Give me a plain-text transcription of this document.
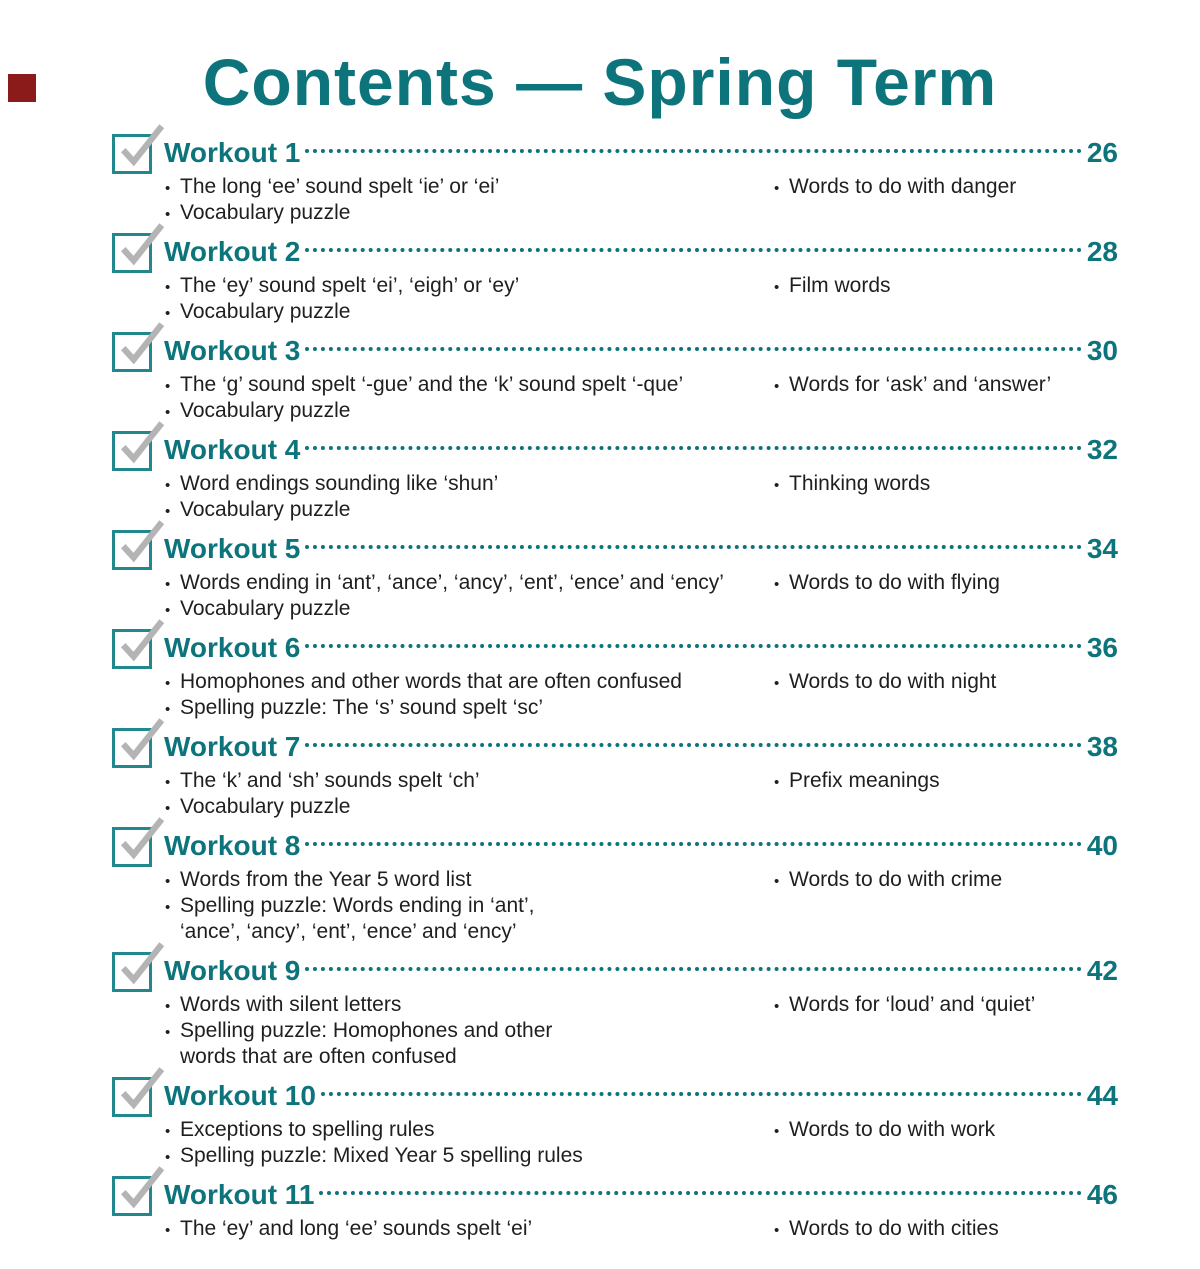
Contents — Spring Term
Workout 1	26
• The long ‘ee’ sound spelt ‘ie’ or ‘ei’
• Vocabulary puzzle
• Words to do with danger
Workout 2	28
• The ‘ey’ sound spelt ‘ei’, ‘eigh’ or ‘ey’
• Vocabulary puzzle
• Film words
Workout 3	30
• The ‘g’ sound spelt ‘-gue’ and the ‘k’ sound spelt ‘-que’
• Vocabulary puzzle
• Words for ‘ask’ and ‘answer’
Workout 4	32
• Word endings sounding like ‘shun’
• Vocabulary puzzle
• Thinking words
Workout 5	34
• Words ending in ‘ant’, ‘ance’, ‘ancy’, ‘ent’, ‘ence’ and ‘ency’
• Vocabulary puzzle
• Words to do with flying
Workout 6	36
• Homophones and other words that are often confused
• Spelling puzzle: The ‘s’ sound spelt ‘sc’
• Words to do with night
Workout 7	38
• The ‘k’ and ‘sh’ sounds spelt ‘ch’
• Vocabulary puzzle
• Prefix meanings
Workout 8	40
• Words from the Year 5 word list
• Spelling puzzle: Words ending in ‘ant’,
‘ance’, ‘ancy’, ‘ent’, ‘ence’ and ‘ency’
• Words to do with crime
Workout 9	42
• Words with silent letters
• Spelling puzzle: Homophones and other
words that are often confused
• Words for ‘loud’ and ‘quiet’
Workout 10	44
• Exceptions to spelling rules
• Spelling puzzle: Mixed Year 5 spelling rules
• Words to do with work
Workout 11	46
• The ‘ey’ and long ‘ee’ sounds spelt ‘ei’	• Words to do with cities
